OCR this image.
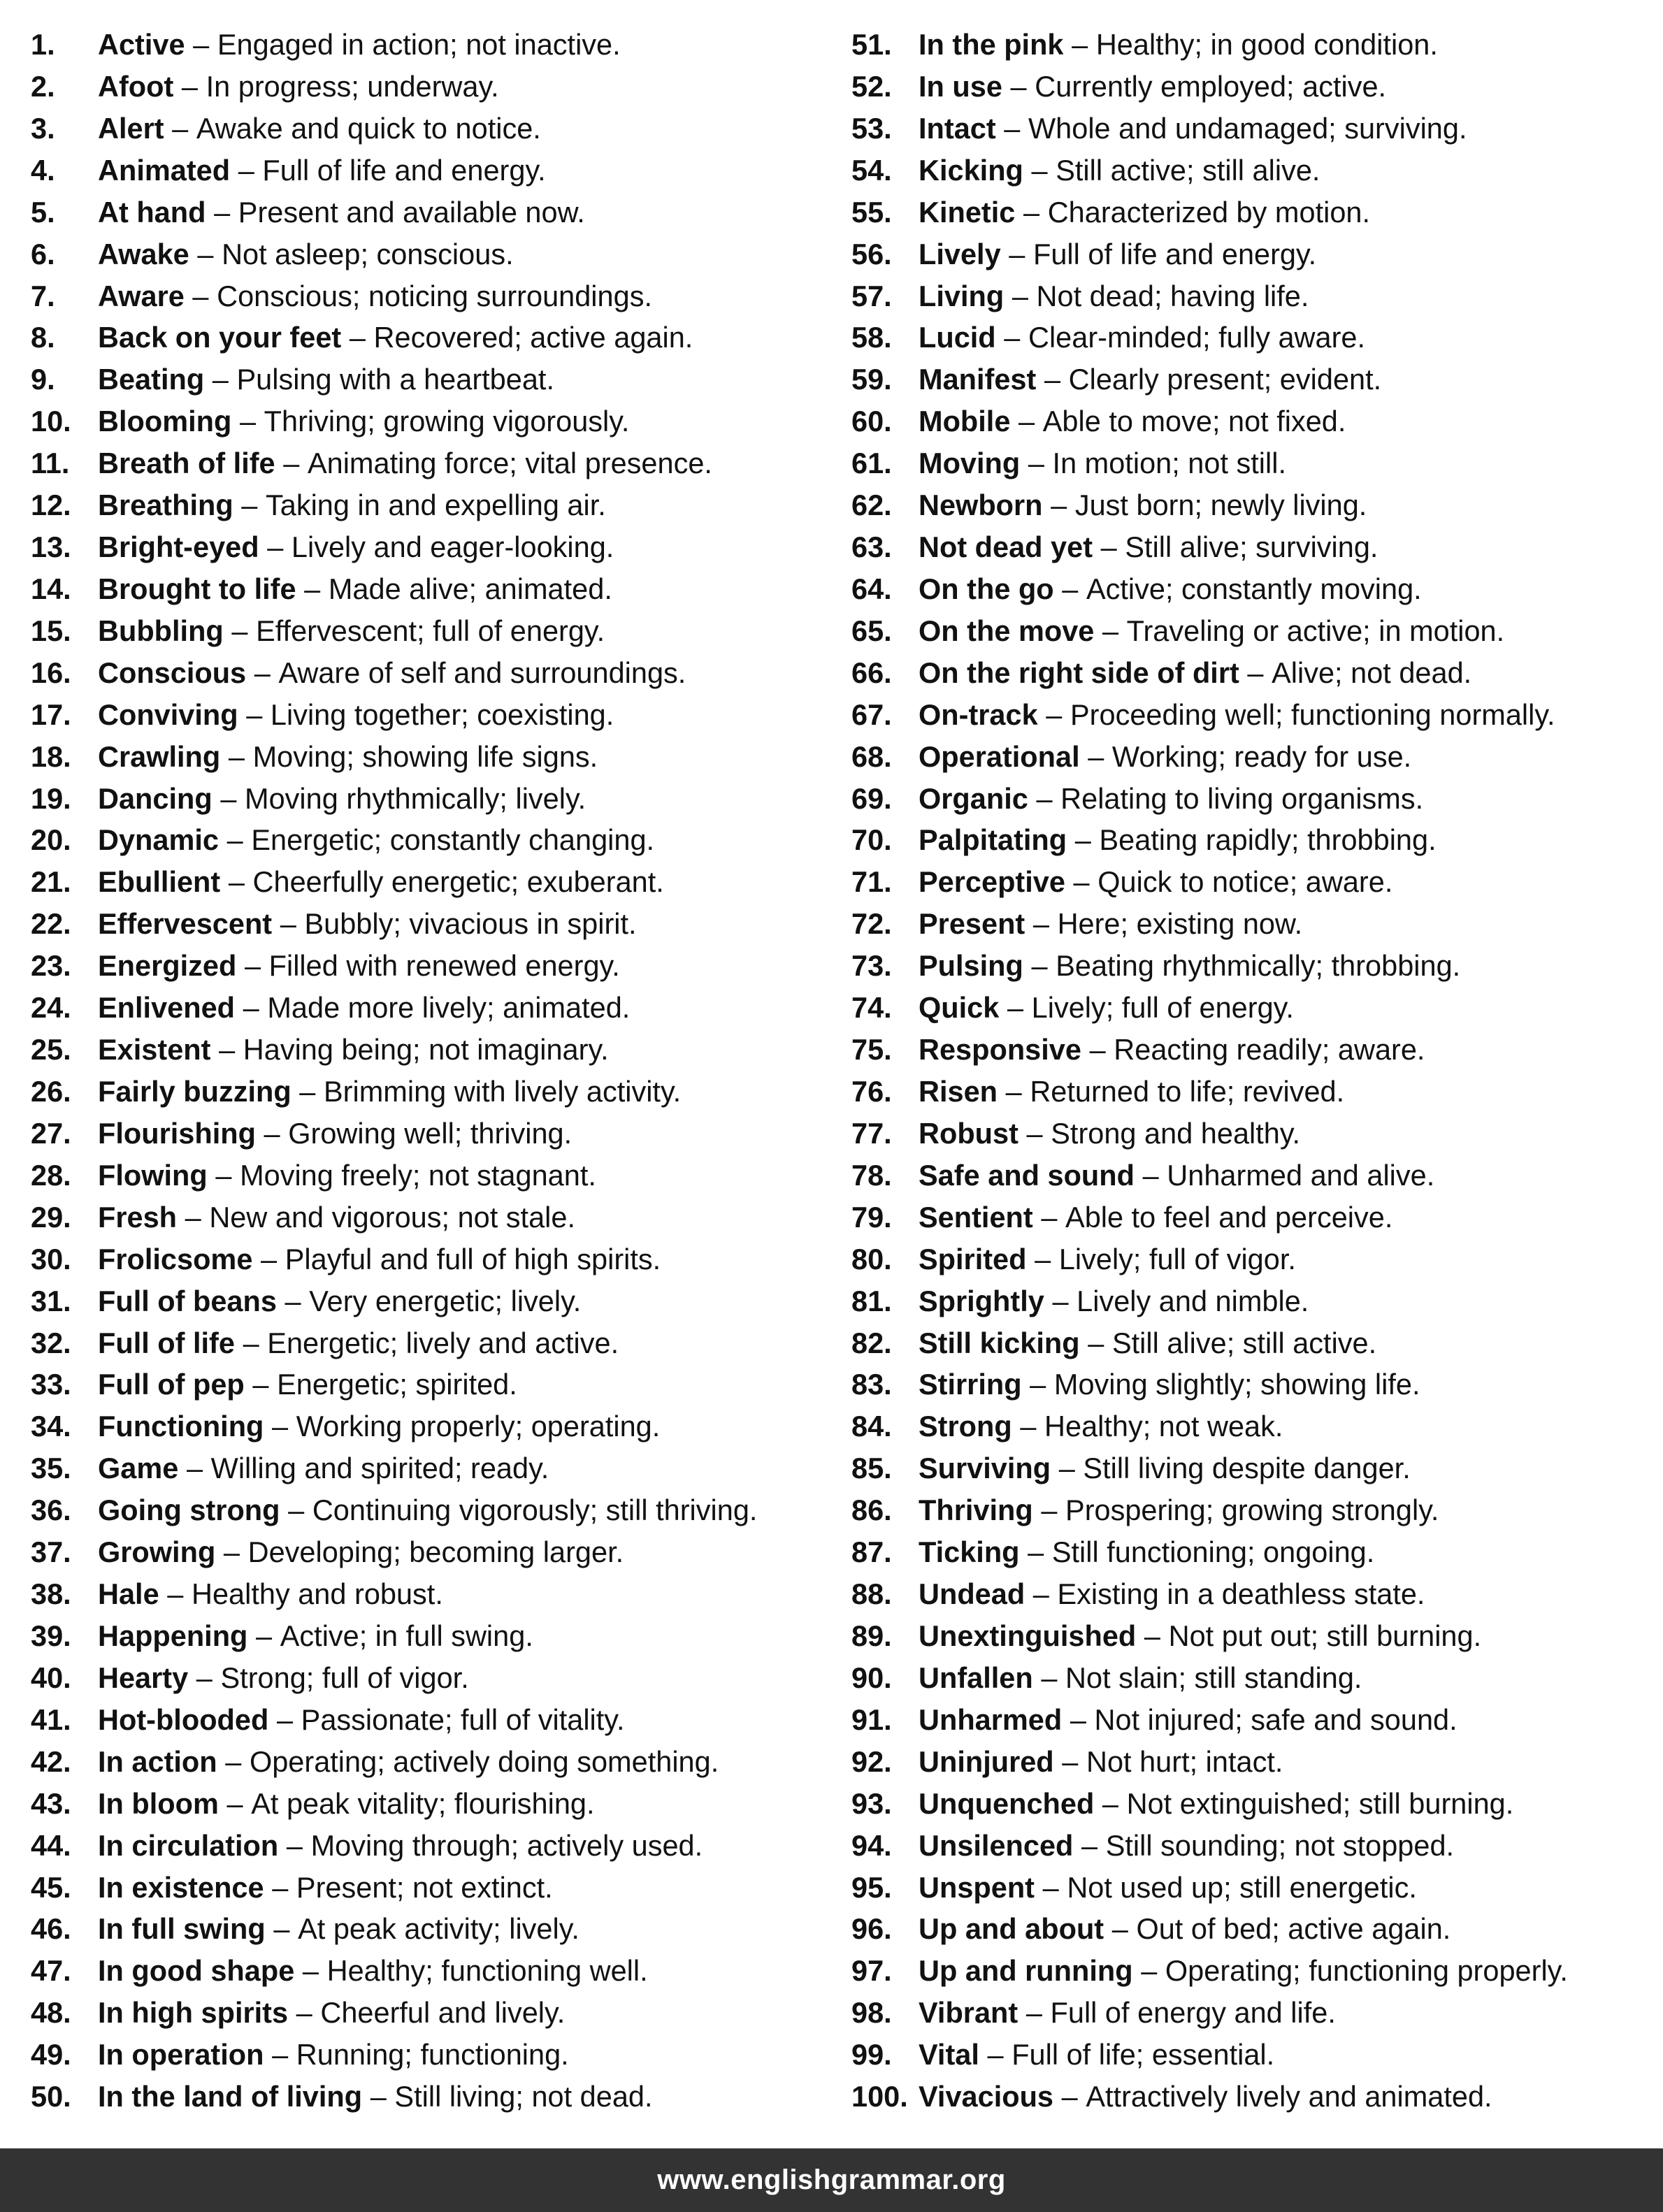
1.	Active – Engaged in action; not inactive.
2.	Afoot – In progress; underway.
3.	Alert – Awake and quick to notice.
4.	Animated – Full of life and energy.
5.	At hand – Present and available now.
6.	Awake – Not asleep; conscious.
7.	Aware – Conscious; noticing surroundings.
8.	Back on your feet – Recovered; active again.
9.	Beating – Pulsing with a heartbeat.
10. Blooming – Thriving; growing vigorously.
11. Breath of life – Animating force; vital presence.
12. Breathing – Taking in and expelling air.
13. Bright-eyed – Lively and eager-looking.
14. Brought to life – Made alive; animated.
15. Bubbling – Effervescent; full of energy.
16. Conscious – Aware of self and surroundings.
17. Conviving – Living together; coexisting.
18. Crawling – Moving; showing life signs.
19. Dancing – Moving rhythmically; lively.
20. Dynamic – Energetic; constantly changing.
21. Ebullient – Cheerfully energetic; exuberant.
22. Effervescent – Bubbly; vivacious in spirit.
23. Energized – Filled with renewed energy.
24. Enlivened – Made more lively; animated.
25. Existent – Having being; not imaginary.
26. Fairly buzzing – Brimming with lively activity.
27. Flourishing – Growing well; thriving.
28. Flowing – Moving freely; not stagnant.
29. Fresh – New and vigorous; not stale.
30. Frolicsome – Playful and full of high spirits.
31. Full of beans – Very energetic; lively.
32. Full of life – Energetic; lively and active.
33. Full of pep – Energetic; spirited.
34. Functioning – Working properly; operating.
35. Game – Willing and spirited; ready.
36. Going strong – Continuing vigorously; still thriving.
37. Growing – Developing; becoming larger.
38. Hale – Healthy and robust.
39. Happening – Active; in full swing.
40. Hearty – Strong; full of vigor.
41. Hot-blooded – Passionate; full of vitality.
42. In action – Operating; actively doing something.
43. In bloom – At peak vitality; flourishing.
44. In circulation – Moving through; actively used.
45. In existence – Present; not extinct.
46. In full swing – At peak activity; lively.
47. In good shape – Healthy; functioning well.
48. In high spirits – Cheerful and lively.
49. In operation – Running; functioning.
50. In the land of living – Still living; not dead.
51. In the pink – Healthy; in good condition.
52. In use – Currently employed; active.
53. Intact – Whole and undamaged; surviving.
54. Kicking – Still active; still alive.
55. Kinetic – Characterized by motion.
56. Lively – Full of life and energy.
57. Living – Not dead; having life.
58. Lucid – Clear-minded; fully aware.
59. Manifest – Clearly present; evident.
60. Mobile – Able to move; not fixed.
61. Moving – In motion; not still.
62. Newborn – Just born; newly living.
63. Not dead yet – Still alive; surviving.
64. On the go – Active; constantly moving.
65. On the move – Traveling or active; in motion.
66. On the right side of dirt – Alive; not dead.
67. On-track – Proceeding well; functioning normally.
68. Operational – Working; ready for use.
69. Organic – Relating to living organisms.
70. Palpitating – Beating rapidly; throbbing.
71. Perceptive – Quick to notice; aware.
72. Present – Here; existing now.
73. Pulsing – Beating rhythmically; throbbing.
74. Quick – Lively; full of energy.
75. Responsive – Reacting readily; aware.
76. Risen – Returned to life; revived.
77. Robust – Strong and healthy.
78. Safe and sound – Unharmed and alive.
79. Sentient – Able to feel and perceive.
80. Spirited – Lively; full of vigor.
81. Sprightly – Lively and nimble.
82. Still kicking – Still alive; still active.
83. Stirring – Moving slightly; showing life.
84. Strong – Healthy; not weak.
85. Surviving – Still living despite danger.
86. Thriving – Prospering; growing strongly.
87. Ticking – Still functioning; ongoing.
88. Undead – Existing in a deathless state.
89. Unextinguished – Not put out; still burning.
90. Unfallen – Not slain; still standing.
91. Unharmed – Not injured; safe and sound.
92. Uninjured – Not hurt; intact.
93. Unquenched – Not extinguished; still burning.
94. Unsilenced – Still sounding; not stopped.
95. Unspent – Not used up; still energetic.
96. Up and about – Out of bed; active again.
97. Up and running – Operating; functioning properly.
98. Vibrant – Full of energy and life.
99. Vital – Full of life; essential.
100. Vivacious – Attractively lively and animated.
www.englishgrammar.org
